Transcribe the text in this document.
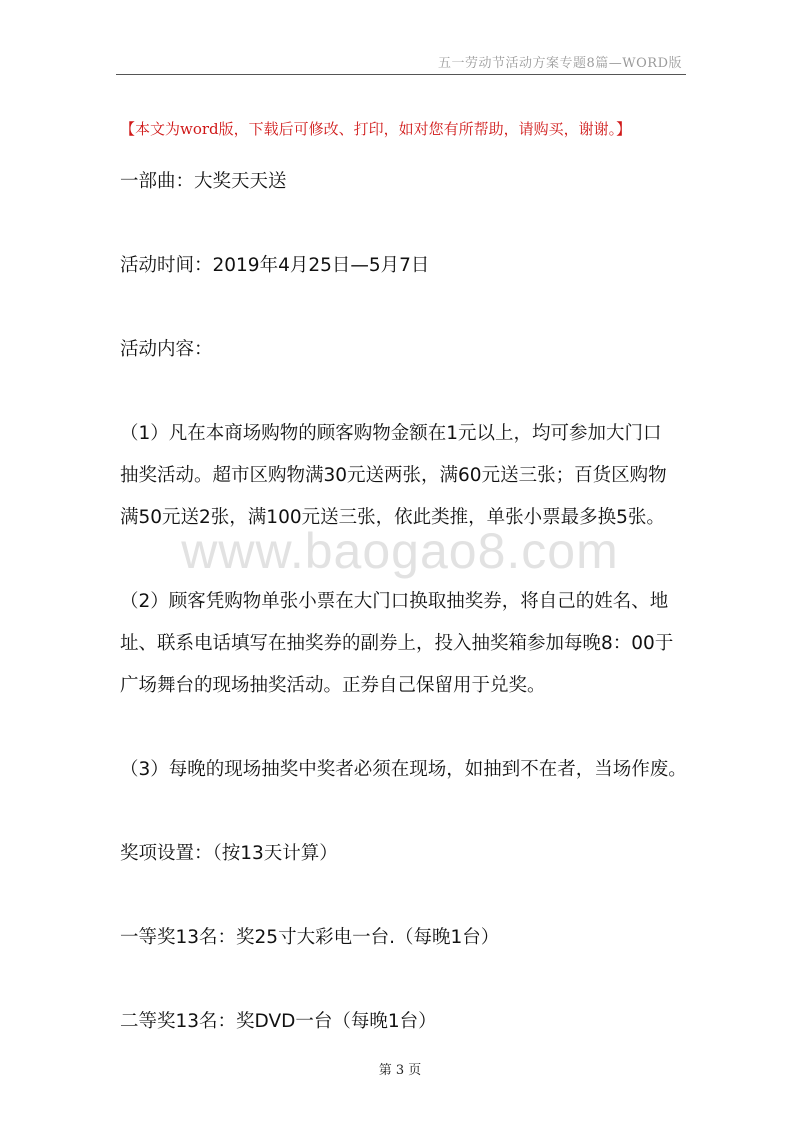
五一劳动节活动方案专题8篇—WORD版
【本文为word版，下载后可修改、打印，如对您有所帮助，请购买，谢谢。】
一部曲：大奖天天送
活动时间：2019年4月25日—5月7日
活动内容：
（1）凡在本商场购物的顾客购物金额在1元以上，均可参加大门口
抽奖活动。超市区购物满30元送两张，满60元送三张；百货区购物
满50元送2张，满100元送三张，依此类推，单张小票最多换5张。
www.baogao8.com
（2）顾客凭购物单张小票在大门口换取抽奖券，将自己的姓名、地
址、联系电话填写在抽奖券的副券上，投入抽奖箱参加每晚8：00于
广场舞台的现场抽奖活动。正券自己保留用于兑奖。
（3）每晚的现场抽奖中奖者必须在现场，如抽到不在者，当场作废。
奖项设置：（按13天计算）
一等奖13名：奖25寸大彩电一台.（每晚1台）
二等奖13名：奖DVD一台（每晚1台）
第 3 页
